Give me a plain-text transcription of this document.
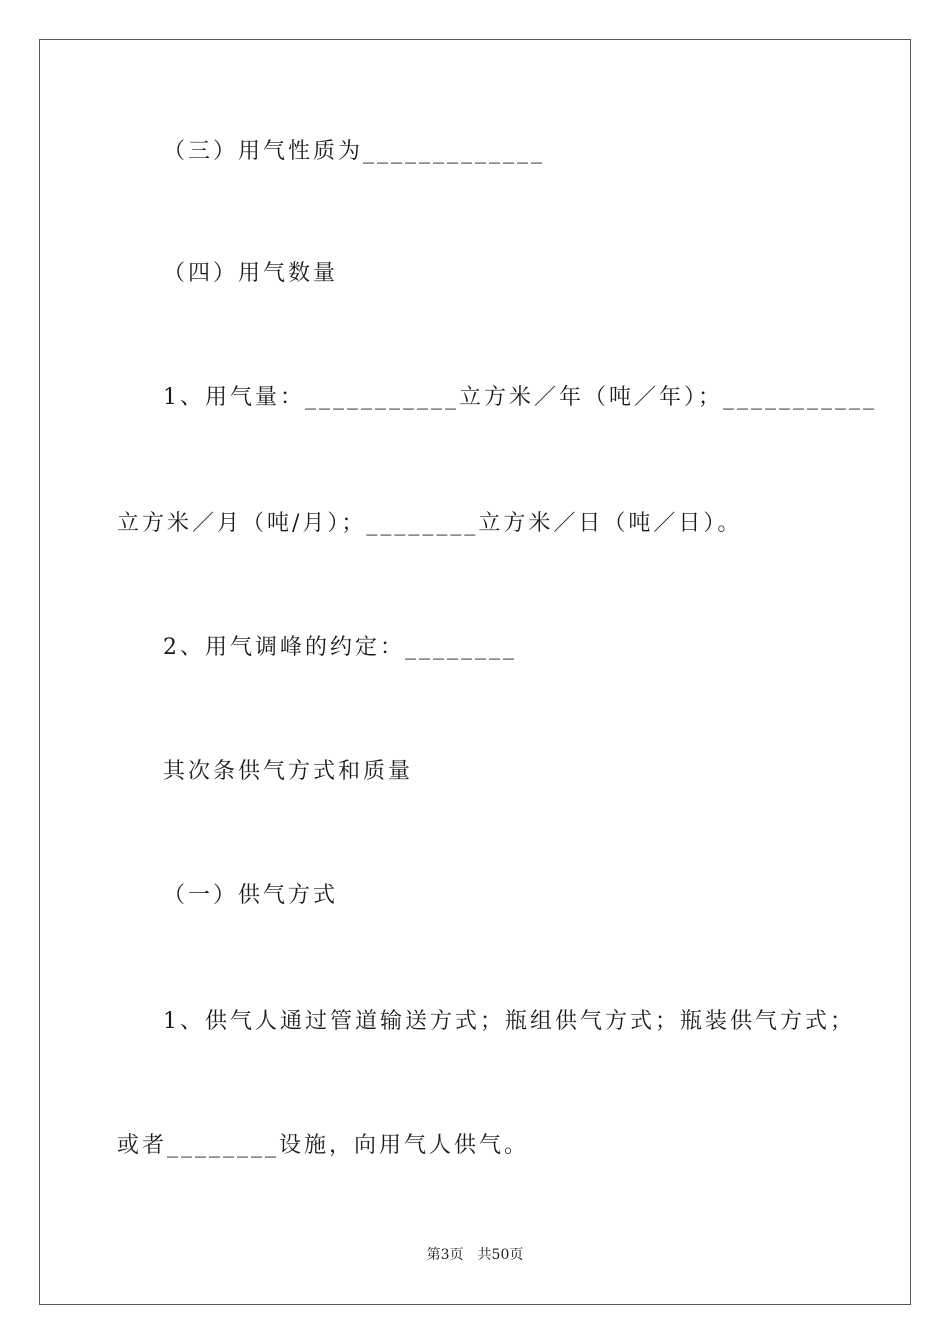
（三）用气性质为_____________
（四）用气数量
1、用气量：___________立方米／年（吨／年）；___________
立方米／月（吨/月）；________立方米／日（吨／日）。
2、用气调峰的约定：________
其次条供气方式和质量
（一）供气方式
1、供气人通过管道输送方式；瓶组供气方式；瓶装供气方式；
或者________设施，向用气人供气。
第3页 共50页
